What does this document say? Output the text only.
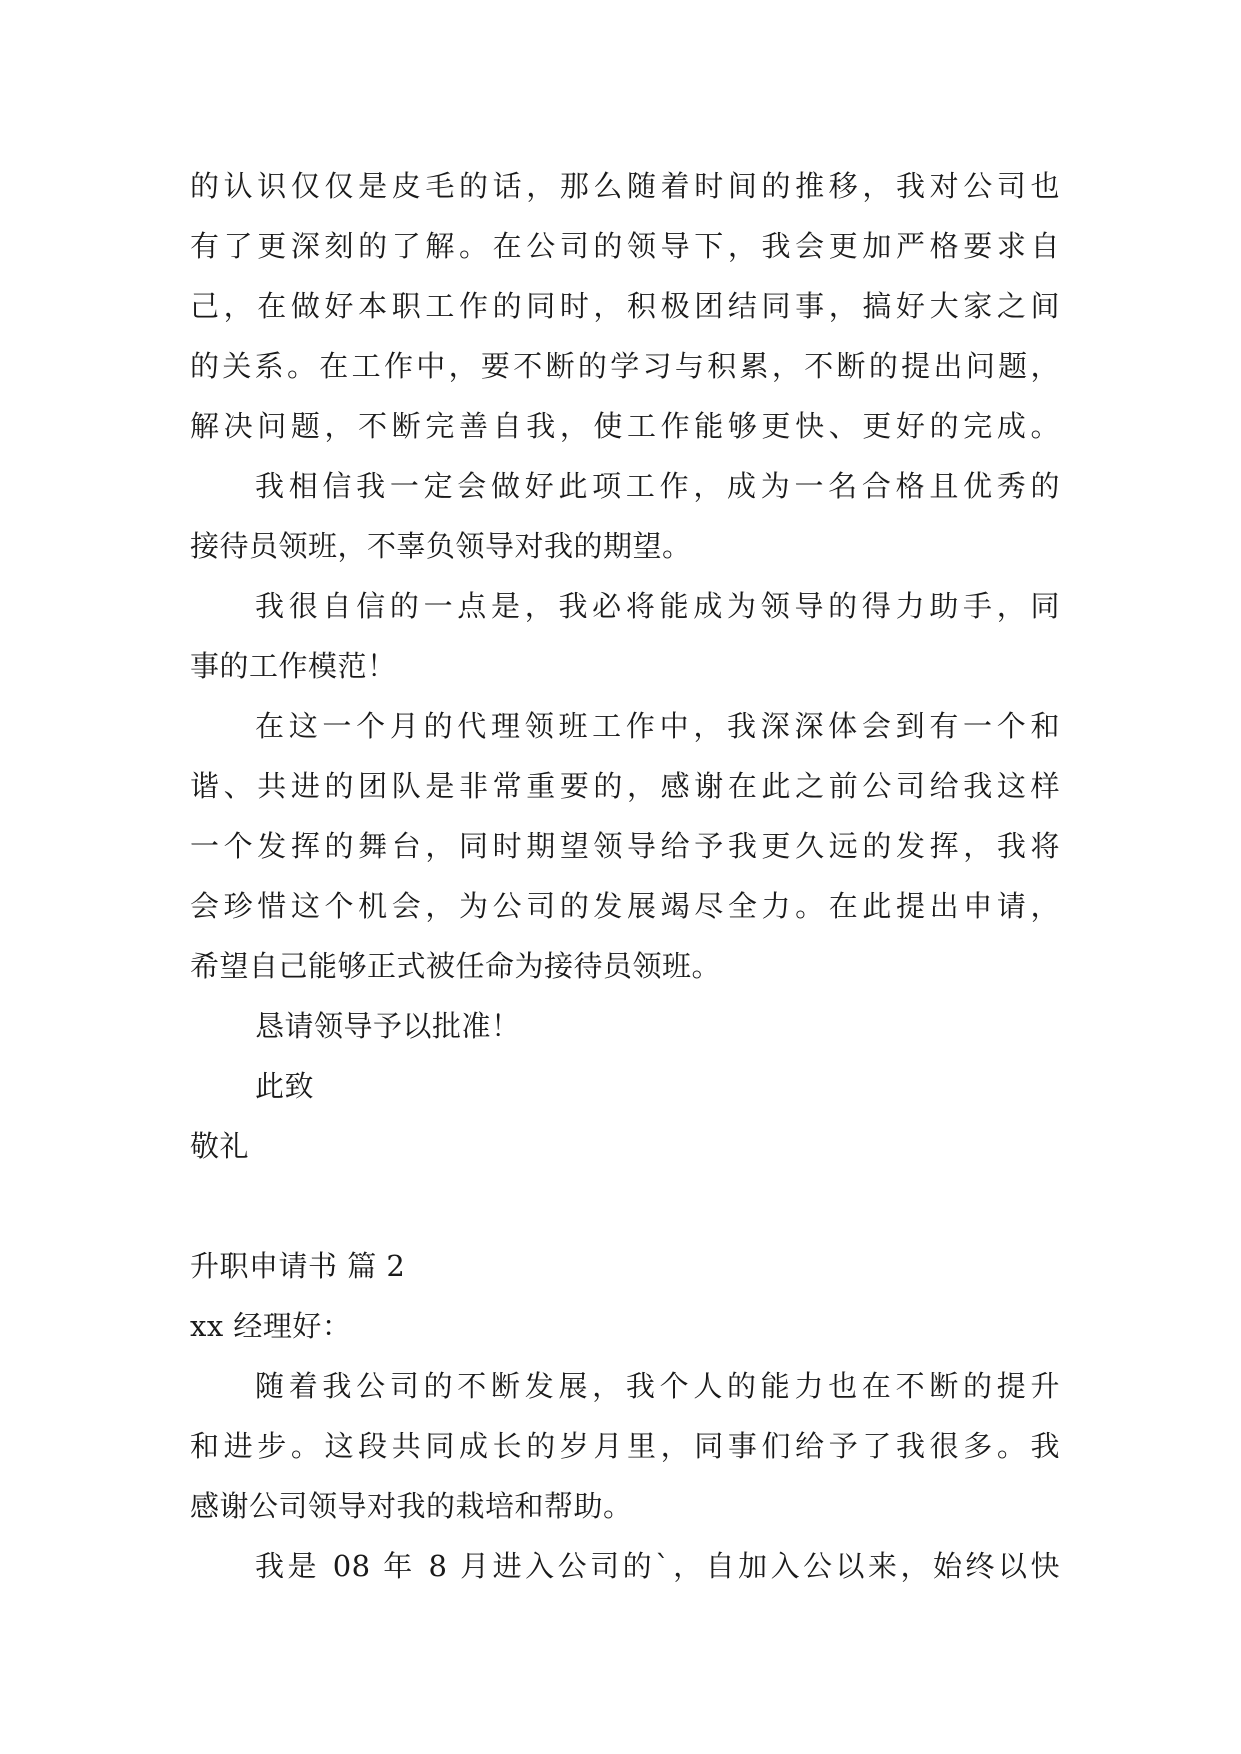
的认识仅仅是皮毛的话，那么随着时间的推移，我对公司也
有了更深刻的了解。在公司的领导下，我会更加严格要求自
己，在做好本职工作的同时，积极团结同事，搞好大家之间
的关系。在工作中，要不断的学习与积累，不断的提出问题，
解决问题，不断完善自我，使工作能够更快、更好的完成。
我相信我一定会做好此项工作，成为一名合格且优秀的
接待员领班，不辜负领导对我的期望。
我很自信的一点是，我必将能成为领导的得力助手，同
事的工作模范！
在这一个月的代理领班工作中，我深深体会到有一个和
谐、共进的团队是非常重要的，感谢在此之前公司给我这样
一个发挥的舞台，同时期望领导给予我更久远的发挥，我将
会珍惜这个机会，为公司的发展竭尽全力。在此提出申请，
希望自己能够正式被任命为接待员领班。
恳请领导予以批准！
此致
敬礼
升职申请书 篇 2
xx 经理好：
随着我公司的不断发展，我个人的能力也在不断的提升
和进步。这段共同成长的岁月里，同事们给予了我很多。我
感谢公司领导对我的栽培和帮助。
我是 08 年 8 月进入公司的`，自加入公以来，始终以快
